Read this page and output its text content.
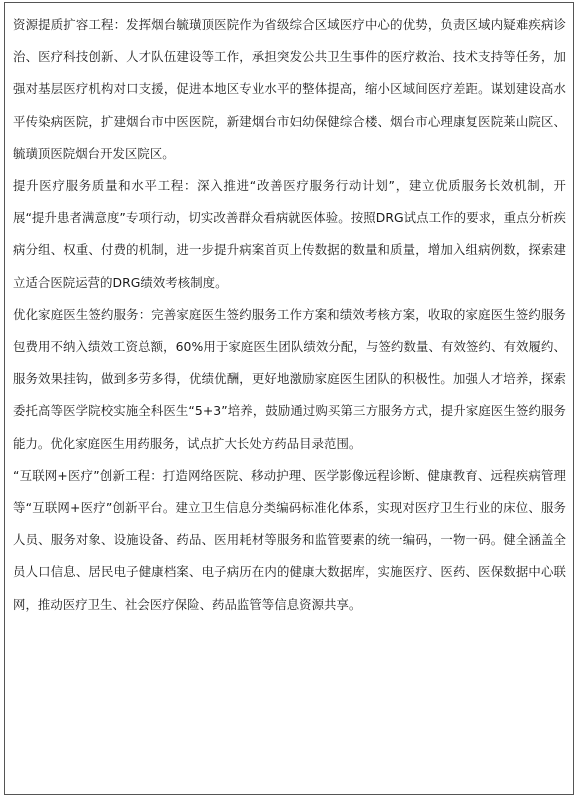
资源提质扩容工程：发挥烟台毓璜顶医院作为省级综合区域医疗中心的优势，负责区域内疑难疾病诊治、医疗科技创新、人才队伍建设等工作，承担突发公共卫生事件的医疗救治、技术支持等任务，加强对基层医疗机构对口支援，促进本地区专业水平的整体提高，缩小区域间医疗差距。谋划建设高水平传染病医院，扩建烟台市中医医院，新建烟台市妇幼保健综合楼、烟台市心理康复医院莱山院区、毓璜顶医院烟台开发区院区。

提升医疗服务质量和水平工程：深入推进“改善医疗服务行动计划”，建立优质服务长效机制，开展“提升患者满意度”专项行动，切实改善群众看病就医体验。按照DRG试点工作的要求，重点分析疾病分组、权重、付费的机制，进一步提升病案首页上传数据的数量和质量，增加入组病例数，探索建立适合医院运营的DRG绩效考核制度。

优化家庭医生签约服务：完善家庭医生签约服务工作方案和绩效考核方案，收取的家庭医生签约服务包费用不纳入绩效工资总额，60%用于家庭医生团队绩效分配，与签约数量、有效签约、有效履约、服务效果挂钩，做到多劳多得，优绩优酬，更好地激励家庭医生团队的积极性。加强人才培养，探索委托高等医学院校实施全科医生“5+3”培养，鼓励通过购买第三方服务方式，提升家庭医生签约服务能力。优化家庭医生用药服务，试点扩大长处方药品目录范围。

“互联网+医疗”创新工程：打造网络医院、移动护理、医学影像远程诊断、健康教育、远程疾病管理等“互联网+医疗”创新平台。建立卫生信息分类编码标准化体系，实现对医疗卫生行业的床位、服务人员、服务对象、设施设备、药品、医用耗材等服务和监管要素的统一编码，一物一码。健全涵盖全员人口信息、居民电子健康档案、电子病历在内的健康大数据库，实施医疗、医药、医保数据中心联网，推动医疗卫生、社会医疗保险、药品监管等信息资源共享。
